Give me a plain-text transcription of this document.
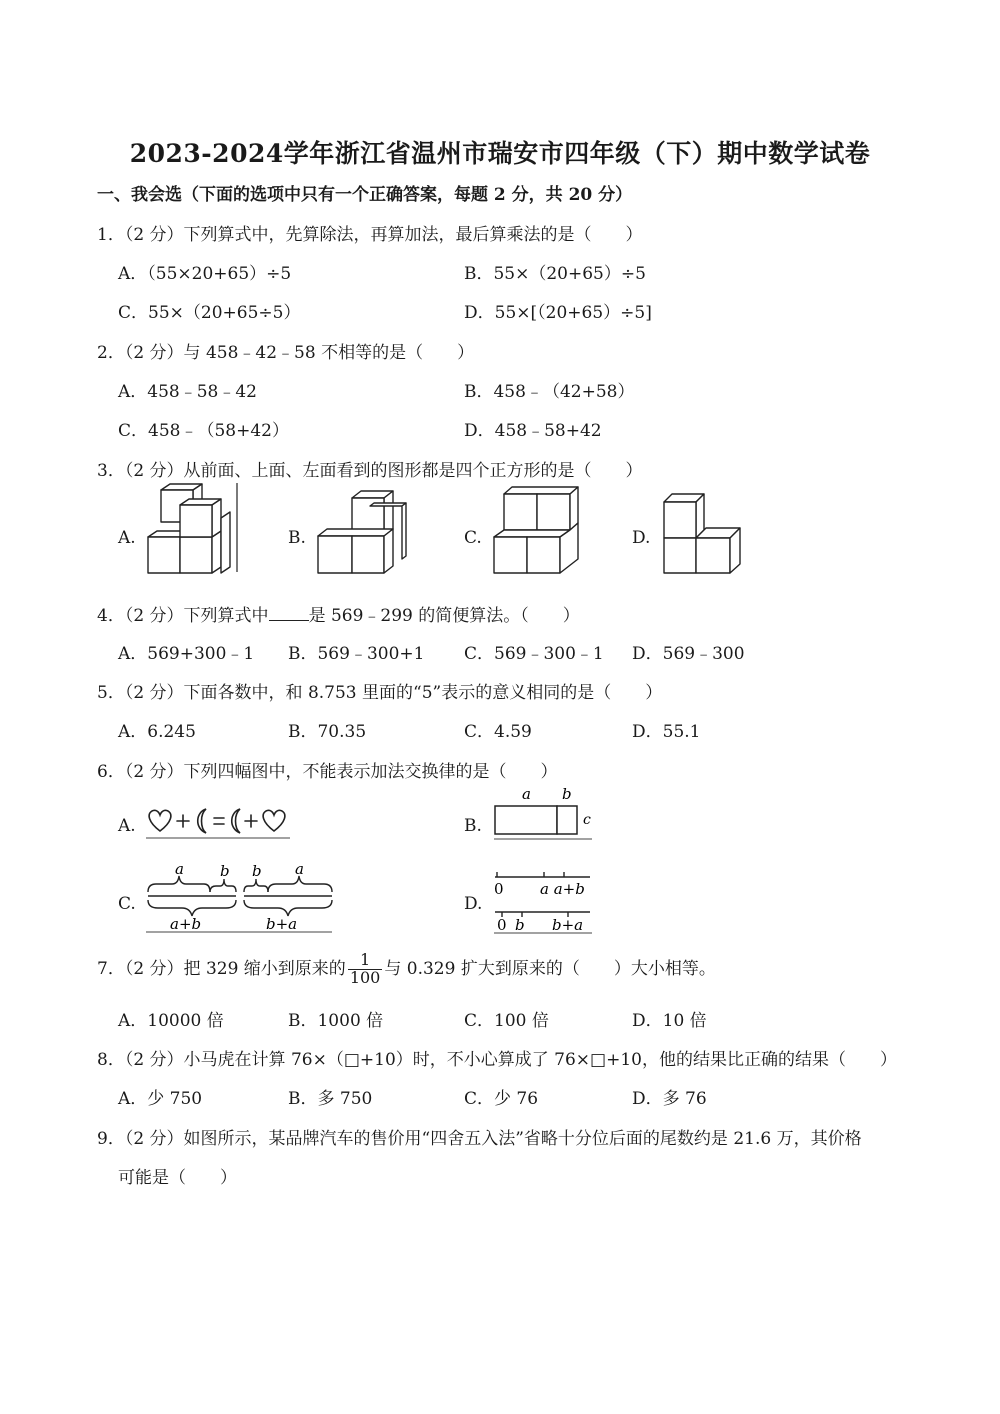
2023-2024学年浙江省温州市瑞安市四年级（下）期中数学试卷
一、我会选（下面的选项中只有一个正确答案，每题 2 分，共 20 分）
1．（2 分）下列算式中，先算除法，再算加法，最后算乘法的是（　　）
A．（55×20+65）÷5	B．55×（20+65）÷5
C．55×（20+65÷5）	D．55×[（20+65）÷5]
2．（2 分）与 458﹣42﹣58 不相等的是（　　）
A．458﹣58﹣42	B．458﹣（42+58）
C．458﹣（58+42）	D．458﹣58+42
3．（2 分）从前面、上面、左面看到的图形都是四个正方形的是（　　）
A.	B.	C.	D.
4．（2 分）下列算式中 是 569﹣299 的简便算法。（　　）
A．569+300﹣1 B．569﹣300+1 C．569﹣300﹣1 D．569﹣300
5．（2 分）下面各数中，和 8.753 里面的“5”表示的意义相同的是（　　）
A．6.245	B．70.35	C．4.59	D．55.1
6．（2 分）下列四幅图中，不能表示加法交换律的是（　　）
A.	B.
C.	D.
a b
c
a b b a
a+b	b+a
0 a a+b
0 b b+a
7．（2 分）把 329 缩小到原来的 $\frac{1}{100}$ 与 0.329 扩大到原来的（　　）大小相等。
A．10000 倍	B．1000 倍	C．100 倍	D．10 倍
8．（2 分）小马虎在计算 76×（□+10）时，不小心算成了 76×□+10，他的结果比正确的结果（　　）
A．少 750	B．多 750	C．少 76	D．多 76
9．（2 分）如图所示，某品牌汽车的售价用“四舍五入法”省略十分位后面的尾数约是 21.6 万，其价格
可能是（　　）
